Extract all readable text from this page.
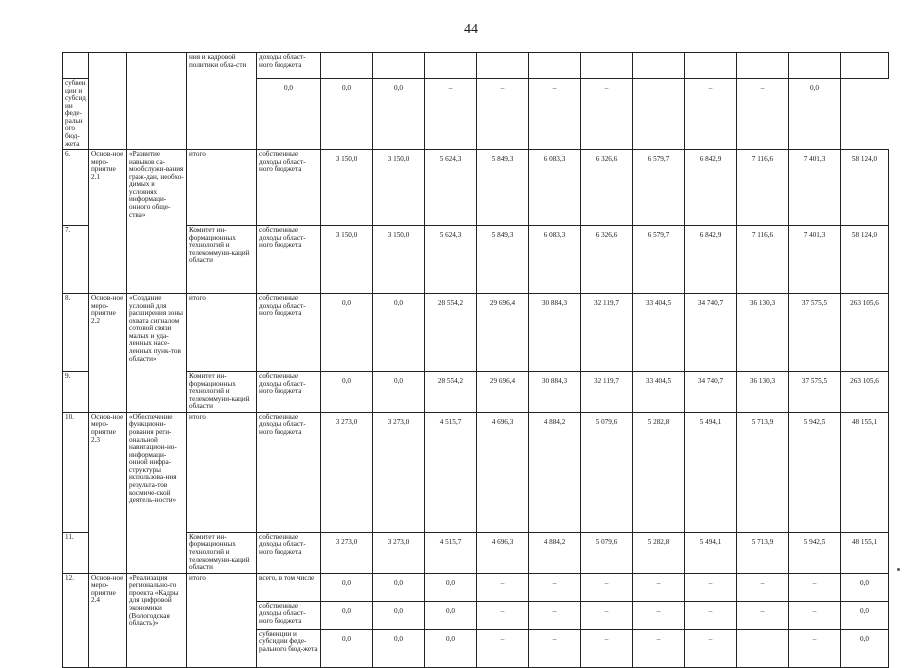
44
			ния и кадровой политики обла-сти	доходы област-ного бюджета											
субвенции и субсидии феде-рального бюд-жета				0,0	0,0	0,0	–	–	–	–		–	–	0,0	
6.	Основ-ное меро-приятие 2.1	«Развитие навыков са-мообслужи-вания граж-дан, необхо-димых в условиях информаци-онного обще-ства»	итого	собственные доходы област-ного бюджета	3 150,0	3 150,0	5 624,3	5 849,3	6 083,3	6 326,6	6 579,7	6 842,9	7 116,6	7 401,3	58 124,0
7.			Комитет ин-формационных технологий и телекоммуни-каций области	собственные доходы област-ного бюджета	3 150,0	3 150,0	5 624,3	5 849,3	6 083,3	6 326,6	6 579,7	6 842,9	7 116,6	7 401,3	58 124,0
8.	Основ-ное меро-приятие 2.2	«Создание условий для расширения зоны охвата сигналом сотовой связи малых и уда-ленных насе-ленных пунк-тов области»	итого	собственные доходы област-ного бюджета	0,0	0,0	28 554,2	29 696,4	30 884,3	32 119,7	33 404,5	34 740,7	36 130,3	37 575,5	263 105,6
9.			Комитет ин-формационных технологий и телекоммуни-каций области	собственные доходы област-ного бюджета	0,0	0,0	28 554,2	29 696,4	30 884,3	32 119,7	33 404,5	34 740,7	36 130,3	37 575,5	263 105,6
10.	Основ-ное меро-приятие 2.3	«Обеспечение функциони-рования реги-ональной навигацион-но-информаци-онной инфра-структуры использова-ния результа-тов космиче-ской деятель-ности»	итого	собственные доходы област-ного бюджета	3 273,0	3 273,0	4 515,7	4 696,3	4 884,2	5 079,6	5 282,8	5 494,1	5 713,9	5 942,5	48 155,1
11.			Комитет ин-формационных технологий и телекоммуни-каций области	собственные доходы област-ного бюджета	3 273,0	3 273,0	4 515,7	4 696,3	4 884,2	5 079,6	5 282,8	5 494,1	5 713,9	5 942,5	48 155,1
12.	Основ-ное меро-приятие 2.4	«Реализация регионально-го проекта «Кадры для цифровой экономики (Вологодская область)»	итого	всего, в том числе	0,0	0,0	0,0	–	–	–	–	–	–	–	0,0
				собственные доходы област-ного бюджета	0,0	0,0	0,0	–	–	–	–	–	–	–	0,0
				субвенции и субсидии феде-рального бюд-жета	0,0	0,0	0,0	–	–	–	–	–		–	0,0
